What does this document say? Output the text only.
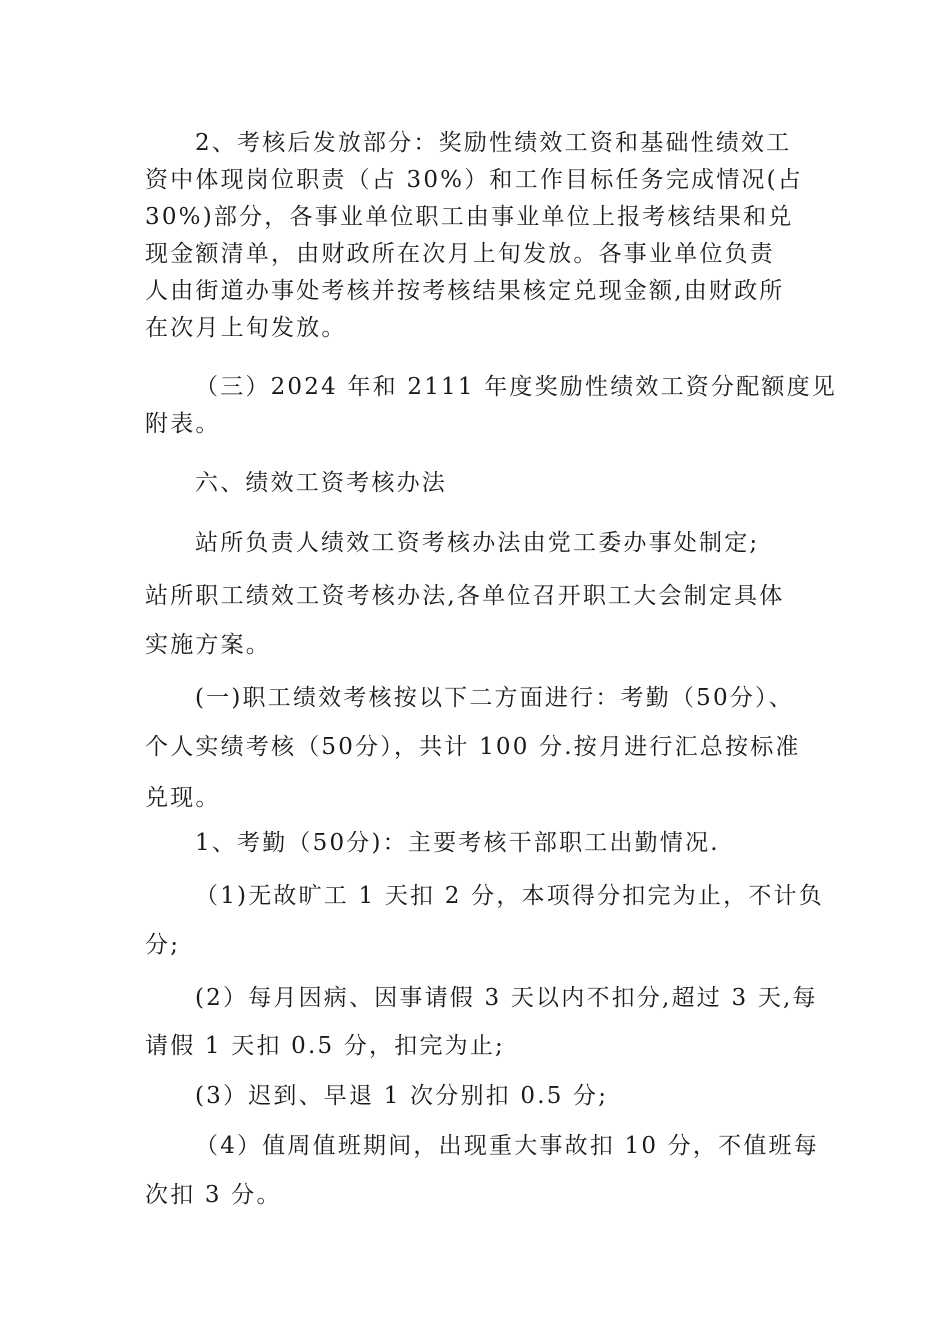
2、考核后发放部分：奖励性绩效工资和基础性绩效工
资中体现岗位职责（占 30%）和工作目标任务完成情况(占
30%)部分，各事业单位职工由事业单位上报考核结果和兑
现金额清单，由财政所在次月上旬发放。各事业单位负责
人由街道办事处考核并按考核结果核定兑现金额,由财政所
在次月上旬发放。
（三）2024 年和 2111 年度奖励性绩效工资分配额度见
附表。
六、绩效工资考核办法
站所负责人绩效工资考核办法由党工委办事处制定;
站所职工绩效工资考核办法,各单位召开职工大会制定具体
实施方案。
(一)职工绩效考核按以下二方面进行：考勤（50分）、
个人实绩考核（50分），共计 100 分.按月进行汇总按标准
兑现。
1、考勤（50分)：主要考核干部职工出勤情况.
（1)无故旷工 1 天扣 2 分，本项得分扣完为止，不计负
分;
(2）每月因病、因事请假 3 天以内不扣分,超过 3 天,每
请假 1 天扣 0.5 分，扣完为止;
(3）迟到、早退 1 次分别扣 0.5 分;
（4）值周值班期间，出现重大事故扣 10 分，不值班每
次扣 3 分。
